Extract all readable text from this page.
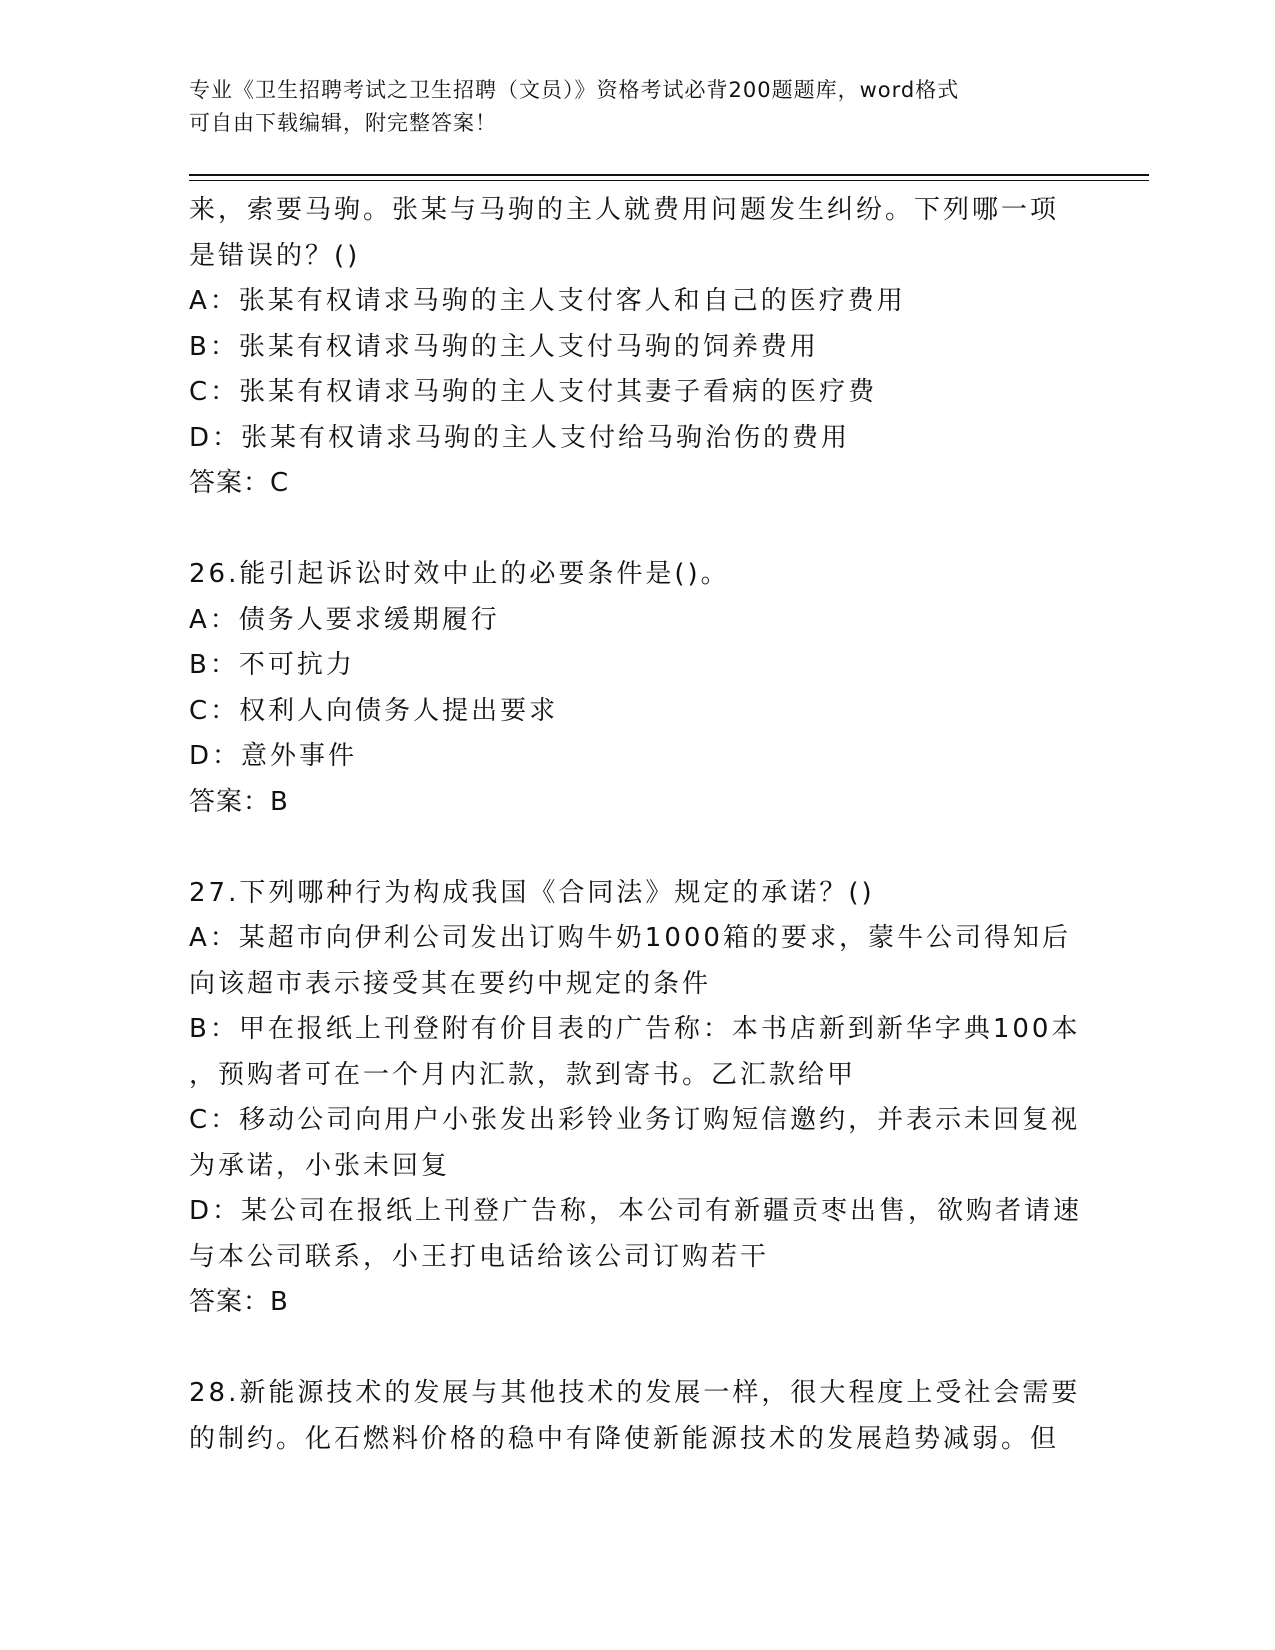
专业《卫生招聘考试之卫生招聘（文员）》资格考试必背200题题库，word格式
可自由下载编辑，附完整答案！
来，索要马驹。张某与马驹的主人就费用问题发生纠纷。下列哪一项
是错误的？()
A：张某有权请求马驹的主人支付客人和自己的医疗费用
B：张某有权请求马驹的主人支付马驹的饲养费用
C：张某有权请求马驹的主人支付其妻子看病的医疗费
D：张某有权请求马驹的主人支付给马驹治伤的费用
答案：C
26.能引起诉讼时效中止的必要条件是()。
A：债务人要求缓期履行
B：不可抗力
C：权利人向债务人提出要求
D：意外事件
答案：B
27.下列哪种行为构成我国《合同法》规定的承诺？()
A：某超市向伊利公司发出订购牛奶1000箱的要求，蒙牛公司得知后
向该超市表示接受其在要约中规定的条件
B：甲在报纸上刊登附有价目表的广告称：本书店新到新华字典100本
，预购者可在一个月内汇款，款到寄书。乙汇款给甲
C：移动公司向用户小张发出彩铃业务订购短信邀约，并表示未回复视
为承诺，小张未回复
D：某公司在报纸上刊登广告称，本公司有新疆贡枣出售，欲购者请速
与本公司联系，小王打电话给该公司订购若干
答案：B
28.新能源技术的发展与其他技术的发展一样，很大程度上受社会需要
的制约。化石燃料价格的稳中有降使新能源技术的发展趋势减弱。但
